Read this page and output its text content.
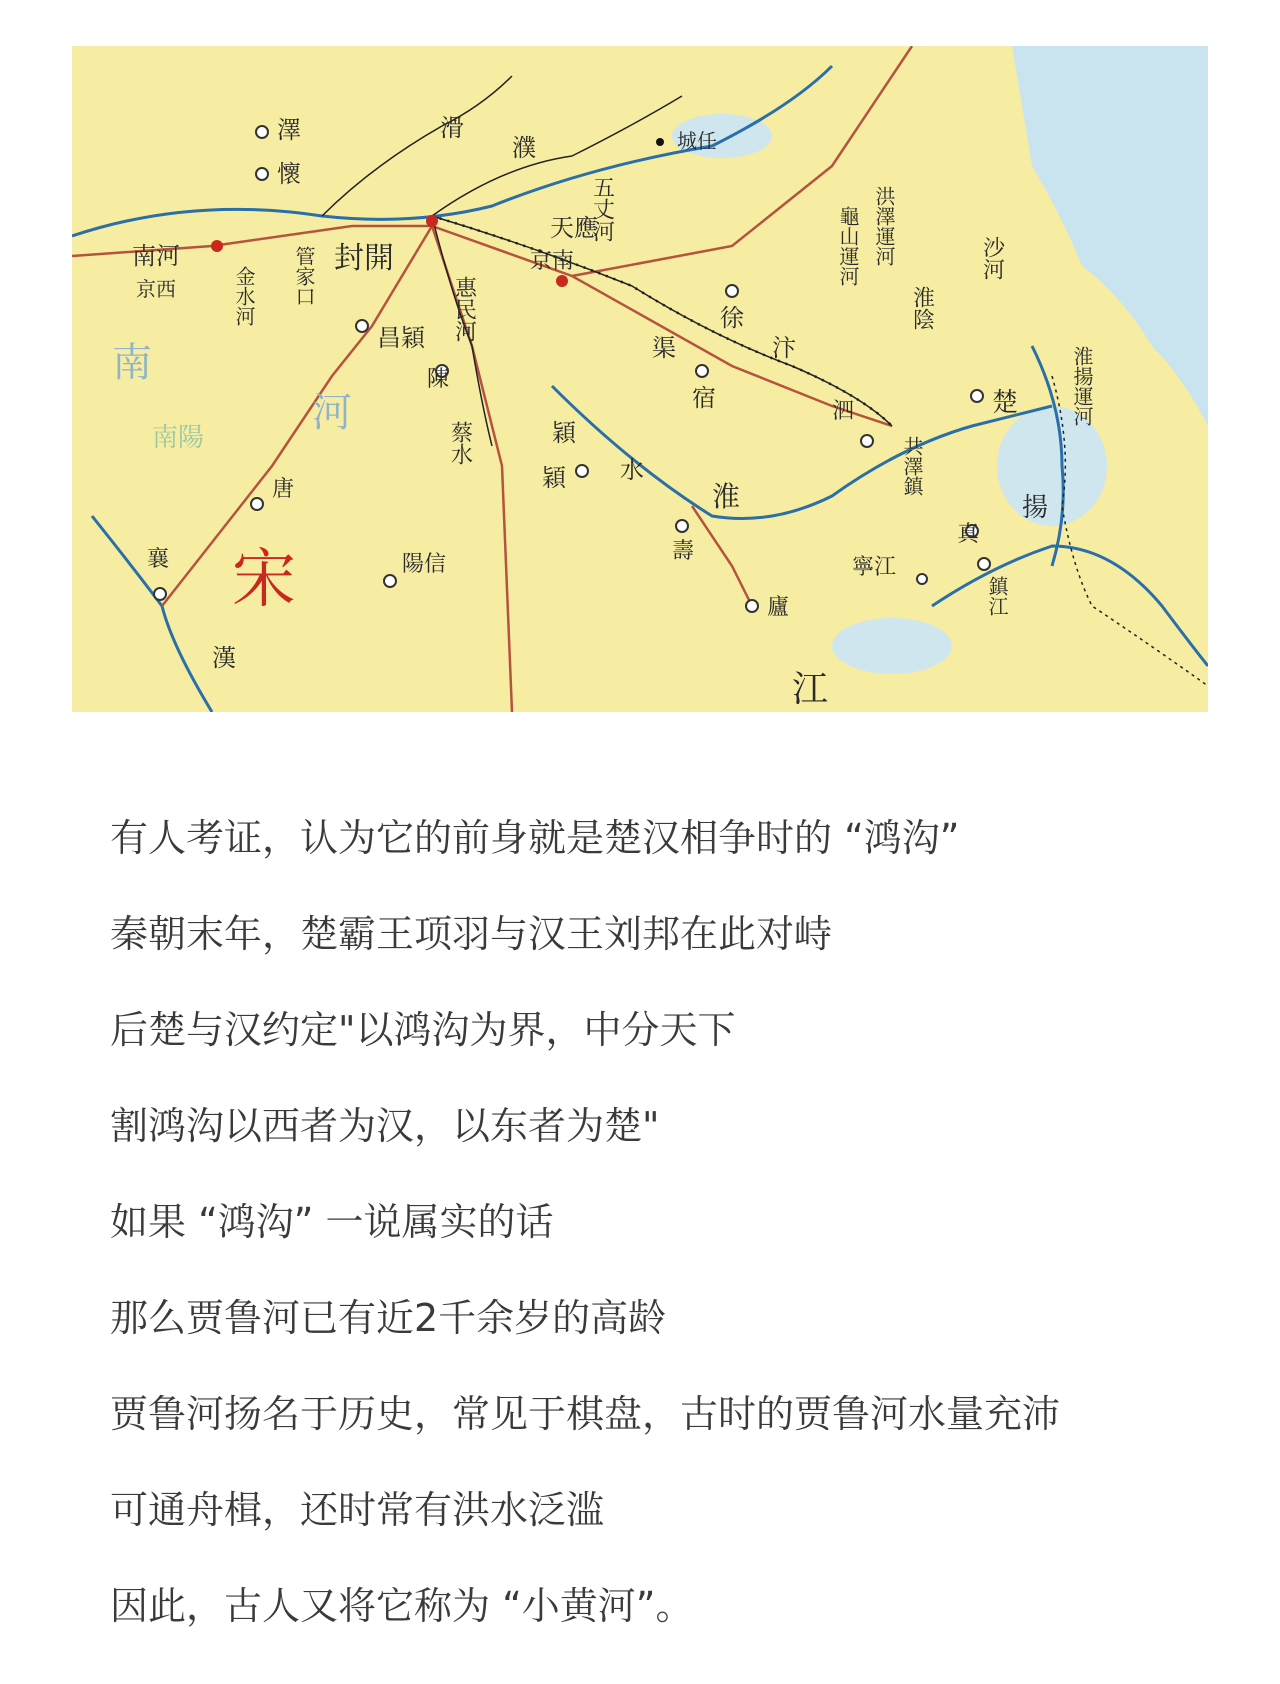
南
河
南陽
宋
封開
南河
京西	金水河 管家口
昌穎 惠民河
陳
蔡水	穎
穎 水
天應
京南
五丈河
城任
濮
滑
澤
懷
徐
渠
宿
汴
泗
龜山運河 洪澤運河
淮陰
沙河
楚	淮揚運河
揚
共澤鎮
真
鎮江
寧江
壽
廬
江
唐
襄
漢
陽信
淮

有人考证，认为它的前身就是楚汉相争时的 “鸿沟”

秦朝末年，楚霸王项羽与汉王刘邦在此对峙

后楚与汉约定"以鸿沟为界，中分天下

割鸿沟以西者为汉，以东者为楚"

如果 “鸿沟” 一说属实的话

那么贾鲁河已有近2千余岁的高龄

贾鲁河扬名于历史，常见于棋盘，古时的贾鲁河水量充沛

可通舟楫，还时常有洪水泛滥

因此，古人又将它称为 “小黄河”。
